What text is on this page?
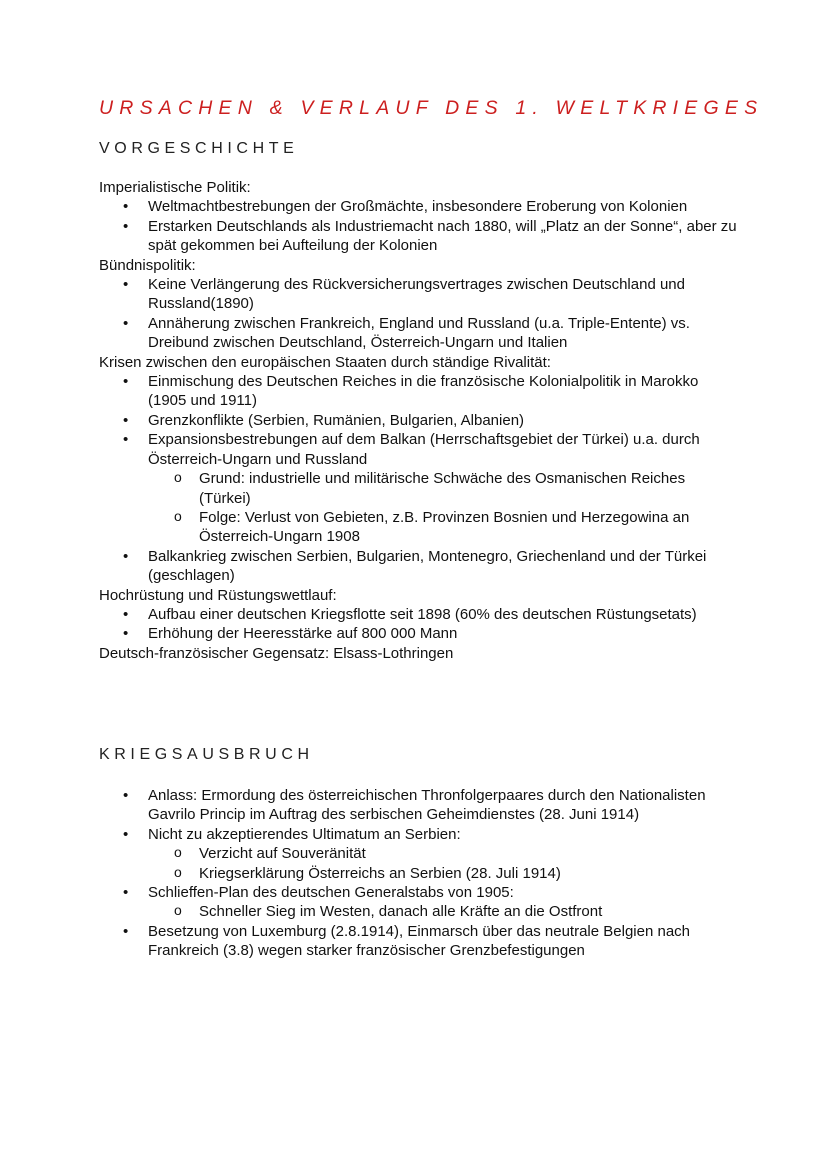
URSACHEN & VERLAUF DES 1. WELTKRIEGES
VORGESCHICHTE

Imperialistische Politik:

• Weltmachtbestrebungen der Großmächte, insbesondere Eroberung von Kolonien
• Erstarken Deutschlands als Industriemacht nach 1880, will „Platz an der Sonne“, aber zu spät gekommen bei Aufteilung der Kolonien

Bündnispolitik:

• Keine Verlängerung des Rückversicherungsvertrages zwischen Deutschland und Russland(1890)
• Annäherung zwischen Frankreich, England und Russland (u.a. Triple-Entente) vs. Dreibund zwischen Deutschland, Österreich-Ungarn und Italien

Krisen zwischen den europäischen Staaten durch ständige Rivalität:

• Einmischung des Deutschen Reiches in die französische Kolonialpolitik in Marokko (1905 und 1911)
• Grenzkonflikte (Serbien, Rumänien, Bulgarien, Albanien)
• Expansionsbestrebungen auf dem Balkan (Herrschaftsgebiet der Türkei) u.a. durch Österreich-Ungarn und Russland
o Grund: industrielle und militärische Schwäche des Osmanischen Reiches (Türkei)
o Folge: Verlust von Gebieten, z.B. Provinzen Bosnien und Herzegowina an Österreich-Ungarn 1908
• Balkankrieg zwischen Serbien, Bulgarien, Montenegro, Griechenland und der Türkei (geschlagen)

Hochrüstung und Rüstungswettlauf:

• Aufbau einer deutschen Kriegsflotte seit 1898 (60% des deutschen Rüstungsetats)
• Erhöhung der Heeresstärke auf 800 000 Mann

Deutsch-französischer Gegensatz: Elsass-Lothringen

KRIEGSAUSBRUCH
• Anlass: Ermordung des österreichischen Thronfolgerpaares durch den Nationalisten Gavrilo Princip im Auftrag des serbischen Geheimdienstes (28. Juni 1914)
• Nicht zu akzeptierendes Ultimatum an Serbien:
o Verzicht auf Souveränität
o Kriegserklärung Österreichs an Serbien (28. Juli 1914)
• Schlieffen-Plan des deutschen Generalstabs von 1905:
o Schneller Sieg im Westen, danach alle Kräfte an die Ostfront
• Besetzung von Luxemburg (2.8.1914), Einmarsch über das neutrale Belgien nach Frankreich (3.8) wegen starker französischer Grenzbefestigungen
